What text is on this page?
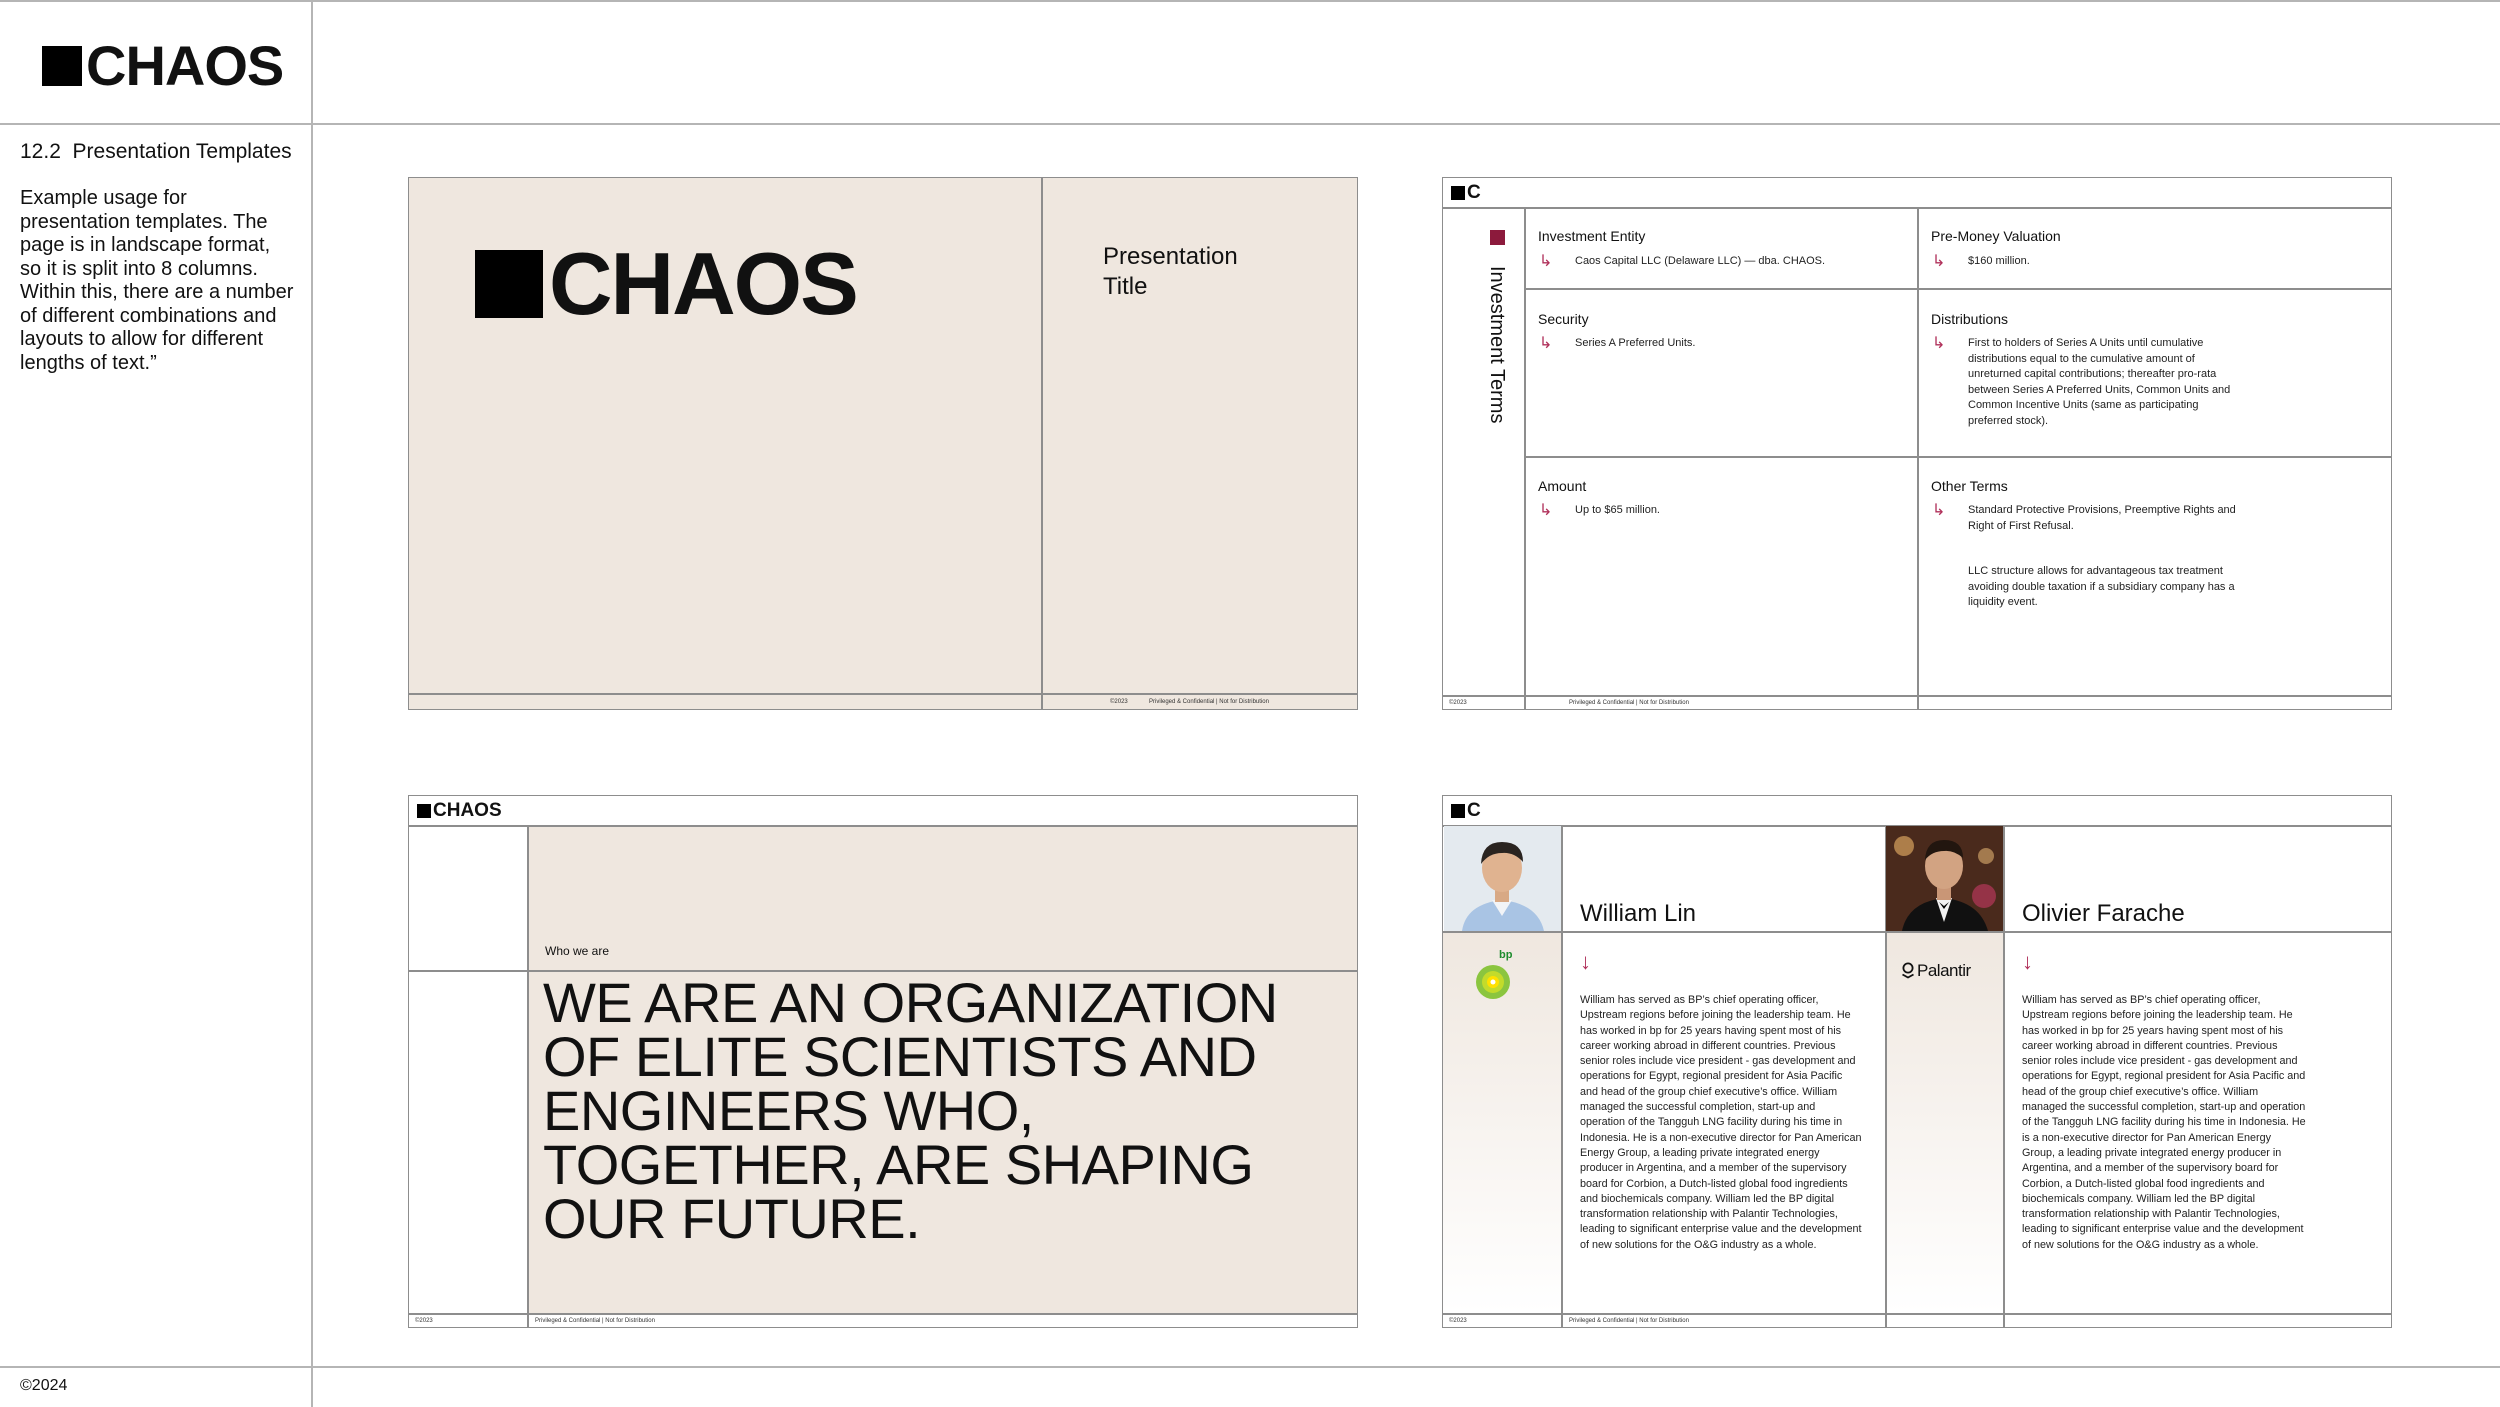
CHAOS
12.2 Presentation Templates
Example usage for presentation templates. The page is in landscape format, so it is split into 8 columns. Within this, there are a number of different combinations and layouts to allow for different lengths of text.”
©2024
CHAOS	Presentation Title
©2023	Privileged & Confidential | Not for Distribution
C
Investment Terms
Investment Entity
↳ Caos Capital LLC (Delaware LLC) — dba. CHAOS.
Pre-Money Valuation
↳ $160 million.
Security
↳ Series A Preferred Units.
Distributions
↳ First to holders of Series A Units until cumulative distributions equal to the cumulative amount of unreturned capital contributions; thereafter pro-rata between Series A Preferred Units, Common Units and Common Incentive Units (same as participating preferred stock).
Amount
↳ Up to $65 million.
Other Terms
↳ Standard Protective Provisions, Preemptive Rights and Right of First Refusal.
LLC structure allows for advantageous tax treatment avoiding double taxation if a subsidiary company has a liquidity event.
©2023	Privileged & Confidential | Not for Distribution
CHAOS
Who we are
WE ARE AN ORGANIZATION OF ELITE SCIENTISTS AND ENGINEERS WHO, TOGETHER, ARE SHAPING OUR FUTURE.
©2023	Privileged & Confidential | Not for Distribution
C
William Lin	Olivier Farache
bp
Palantir
↓	↓
William has served as BP’s chief operating officer, Upstream regions before joining the leadership team. He has worked in bp for 25 years having spent most of his career working abroad in different countries. Previous senior roles include vice president - gas development and operations for Egypt, regional president for Asia Pacific and head of the group chief executive’s office. William managed the successful completion, start-up and operation of the Tangguh LNG facility during his time in Indonesia. He is a non-executive director for Pan American Energy Group, a leading private integrated energy producer in Argentina, and a member of the supervisory board for Corbion, a Dutch-listed global food ingredients and biochemicals company. William led the BP digital transformation relationship with Palantir Technologies, leading to significant enterprise value and the development of new solutions for the O&G industry as a whole.
William has served as BP’s chief operating officer, Upstream regions before joining the leadership team. He has worked in bp for 25 years having spent most of his career working abroad in different countries. Previous senior roles include vice president - gas development and operations for Egypt, regional president for Asia Pacific and head of the group chief executive’s office. William managed the successful completion, start-up and operation of the Tangguh LNG facility during his time in Indonesia. He is a non-executive director for Pan American Energy Group, a leading private integrated energy producer in Argentina, and a member of the supervisory board for Corbion, a Dutch-listed global food ingredients and biochemicals company. William led the BP digital transformation relationship with Palantir Technologies, leading to significant enterprise value and the development of new solutions for the O&G industry as a whole.
©2023	Privileged & Confidential | Not for Distribution
